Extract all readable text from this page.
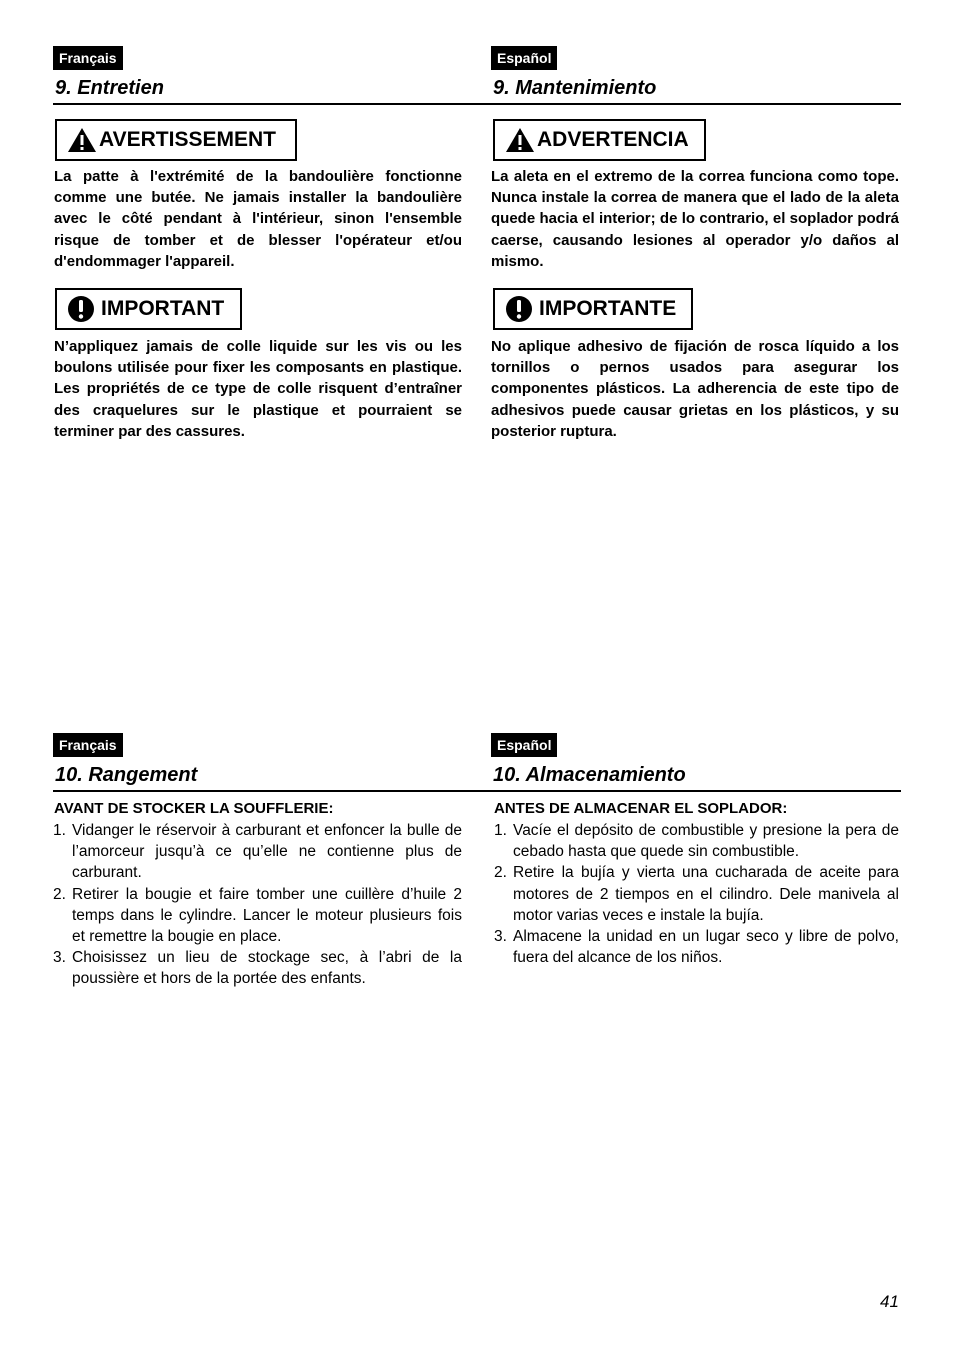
Français
9. Entretien
Español
9. Mantenimiento
AVERTISSEMENT	ADVERTENCIA

La patte à l'extrémité de la bandoulière fonctionne comme une butée. Ne jamais installer la bandoulière avec le côté pendant à l'intérieur, sinon l'ensemble risque de tomber et de blesser l'opérateur et/ou d'endommager l'appareil.

La aleta en el extremo de la correa funciona como tope. Nunca instale la correa de manera que el lado de la aleta quede hacia el interior; de lo contrario, el soplador podrá caerse, causando lesiones al operador y/o daños al mismo.

IMPORTANT	IMPORTANTE

N’appliquez jamais de colle liquide sur les vis ou les boulons utilisée pour fixer les composants en plastique. Les propriétés de ce type de colle risquent d’entraîner des craquelures sur le plastique et pourraient se terminer par des cassures.

No aplique adhesivo de fijación de rosca líquido a los tornillos o pernos usados para asegurar los componentes plásticos. La adherencia de este tipo de adhesivos puede causar grietas en los plásticos, y su posterior ruptura.

Français
10. Rangement
Español
10. Almacenamiento
AVANT DE STOCKER LA SOUFFLERIE:	ANTES DE ALMACENAR EL SOPLADOR:
1. Vidanger le réservoir à carburant et enfoncer la bulle de l’amorceur jusqu’à ce qu’elle ne contienne plus de carburant.
2. Retirer la bougie et faire tomber une cuillère d’huile 2 temps dans le cylindre. Lancer le moteur plusieurs fois et remettre la bougie en place.
3. Choisissez un lieu de stockage sec, à l’abri de la poussière et hors de la portée des enfants.
1. Vacíe el depósito de combustible y presione la pera de cebado hasta que quede sin combustible.
2. Retire la bujía y vierta una cucharada de aceite para motores de 2 tiempos en el cilindro. Dele manivela al motor varias veces e instale la bujía.
3. Almacene la unidad en un lugar seco y libre de polvo, fuera del alcance de los niños.
41
